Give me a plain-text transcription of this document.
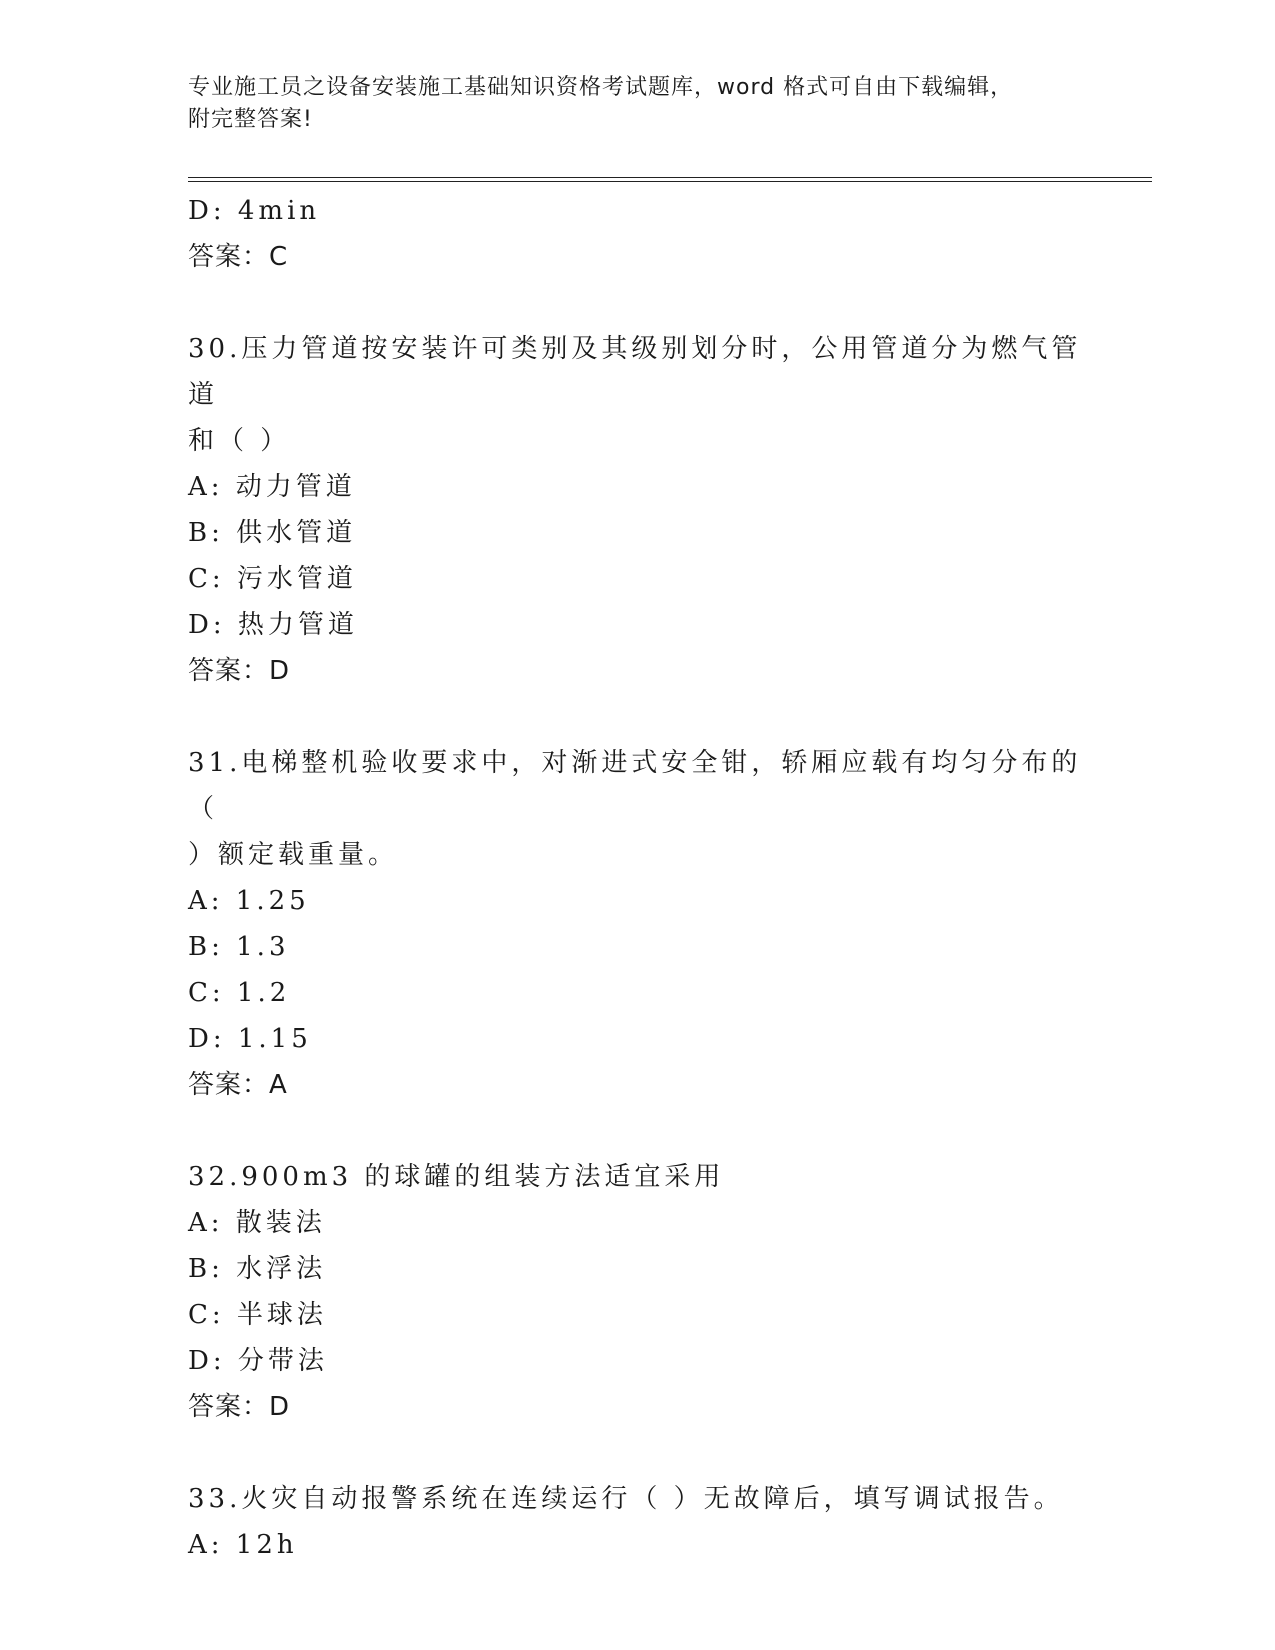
专业施工员之设备安装施工基础知识资格考试题库，word 格式可自由下载编辑，
附完整答案!
D: 4min
答案：C
30.压力管道按安装许可类别及其级别划分时，公用管道分为燃气管道
和（ ）
A: 动力管道
B: 供水管道
C: 污水管道
D: 热力管道
答案：D
31.电梯整机验收要求中，对渐进式安全钳，轿厢应载有均匀分布的（
）额定载重量。
A: 1.25
B: 1.3
C: 1.2
D: 1.15
答案：A
32.900m3 的球罐的组装方法适宜采用
A: 散装法
B: 水浮法
C: 半球法
D: 分带法
答案：D
33.火灾自动报警系统在连续运行（ ）无故障后，填写调试报告。
A: 12h
